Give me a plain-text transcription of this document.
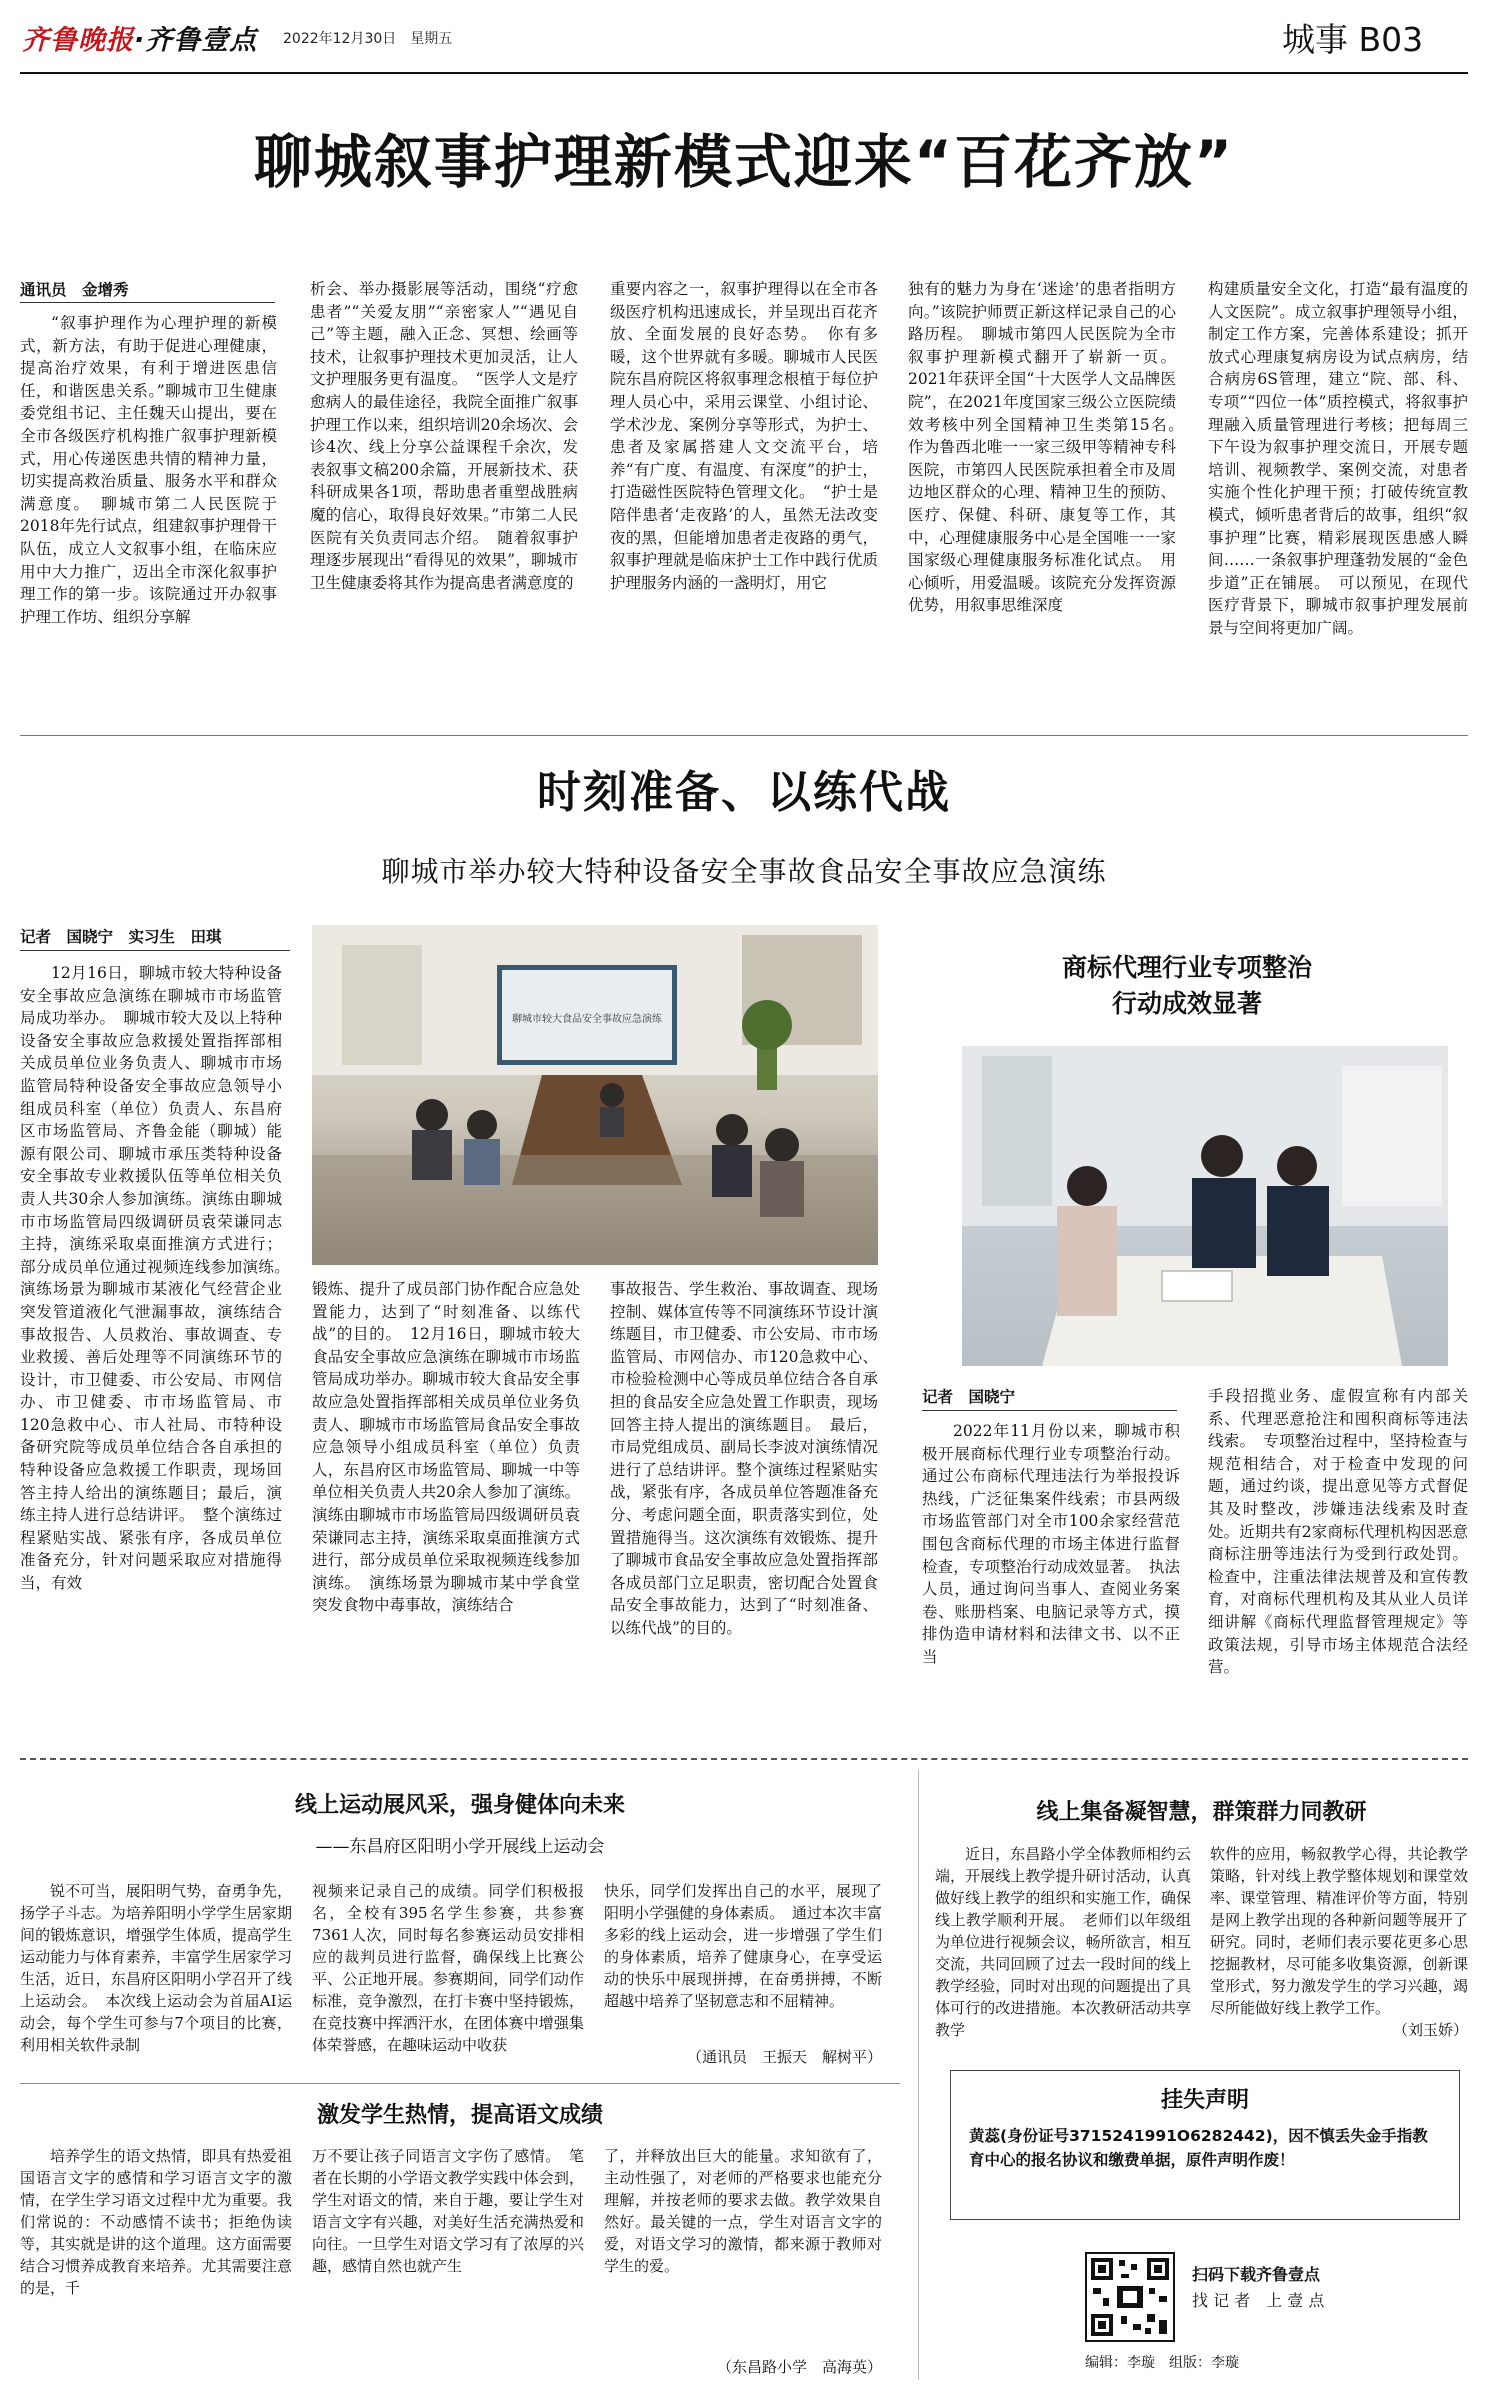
齐鲁晚报·齐鲁壹点 2022年12月30日　星期五	城事 B03
聊城叙事护理新模式迎来“百花齐放”
通讯员　金增秀

“叙事护理作为心理护理的新模式，新方法，有助于促进心理健康，提高治疗效果，有利于增进医患信任，和谐医患关系。”聊城市卫生健康委党组书记、主任魏天山提出，要在全市各级医疗机构推广叙事护理新模式，用心传递医患共情的精神力量，切实提高救治质量、服务水平和群众满意度。　聊城市第二人民医院于2018年先行试点，组建叙事护理骨干队伍，成立人文叙事小组，在临床应用中大力推广，迈出全市深化叙事护理工作的第一步。该院通过开办叙事护理工作坊、组织分享解

析会、举办摄影展等活动，围绕“疗愈患者”“关爱友朋”“亲密家人”“遇见自己”等主题，融入正念、冥想、绘画等技术，让叙事护理技术更加灵活，让人文护理服务更有温度。　“医学人文是疗愈病人的最佳途径，我院全面推广叙事护理工作以来，组织培训20余场次、会诊4次、线上分享公益课程千余次，发表叙事文稿200余篇，开展新技术、获科研成果各1项，帮助患者重塑战胜病魔的信心，取得良好效果。”市第二人民医院有关负责同志介绍。　随着叙事护理逐步展现出“看得见的效果”，聊城市卫生健康委将其作为提高患者满意度的

重要内容之一，叙事护理得以在全市各级医疗机构迅速成长，并呈现出百花齐放、全面发展的良好态势。　你有多暖，这个世界就有多暖。聊城市人民医院东昌府院区将叙事理念根植于每位护理人员心中，采用云课堂、小组讨论、学术沙龙、案例分享等形式，为护士、患者及家属搭建人文交流平台，培养“有广度、有温度、有深度”的护士，打造磁性医院特色管理文化。　“护士是陪伴患者‘走夜路’的人，虽然无法改变夜的黑，但能增加患者走夜路的勇气，叙事护理就是临床护士工作中践行优质护理服务内涵的一盏明灯，用它

独有的魅力为身在‘迷途’的患者指明方向。”该院护师贾正新这样记录自己的心路历程。　聊城市第四人民医院为全市叙事护理新模式翻开了崭新一页。2021年获评全国“十大医学人文品牌医院”，在2021年度国家三级公立医院绩效考核中列全国精神卫生类第15名。　作为鲁西北唯一一家三级甲等精神专科医院，市第四人民医院承担着全市及周边地区群众的心理、精神卫生的预防、医疗、保健、科研、康复等工作，其中，心理健康服务中心是全国唯一一家国家级心理健康服务标准化试点。　用心倾听，用爱温暖。该院充分发挥资源优势，用叙事思维深度

构建质量安全文化，打造“最有温度的人文医院”。成立叙事护理领导小组，制定工作方案，完善体系建设；抓开放式心理康复病房设为试点病房，结合病房6S管理，建立“院、部、科、专项”“四位一体”质控模式，将叙事护理融入质量管理进行考核；把每周三下午设为叙事护理交流日，开展专题培训、视频教学、案例交流，对患者实施个性化护理干预；打破传统宣教模式，倾听患者背后的故事，组织“叙事护理”比赛，精彩展现医患感人瞬间……一条叙事护理蓬勃发展的“金色步道”正在铺展。　可以预见，在现代医疗背景下，聊城市叙事护理发展前景与空间将更加广阔。

时刻准备、以练代战
聊城市举办较大特种设备安全事故食品安全事故应急演练
记者　国晓宁　实习生　田琪

12月16日，聊城市较大特种设备安全事故应急演练在聊城市市场监管局成功举办。　聊城市较大及以上特种设备安全事故应急救援处置指挥部相关成员单位业务负责人、聊城市市场监管局特种设备安全事故应急领导小组成员科室（单位）负责人、东昌府区市场监管局、齐鲁金能（聊城）能源有限公司、聊城市承压类特种设备安全事故专业救援队伍等单位相关负责人共30余人参加演练。演练由聊城市市场监管局四级调研员袁荣谦同志主持，演练采取桌面推演方式进行；部分成员单位通过视频连线参加演练。　演练场景为聊城市某液化气经营企业突发管道液化气泄漏事故，演练结合事故报告、人员救治、事故调查、专业救援、善后处理等不同演练环节的设计，市卫健委、市公安局、市网信办、市卫健委、市市场监管局、市120急救中心、市人社局、市特种设备研究院等成员单位结合各自承担的特种设备应急救援工作职责，现场回答主持人给出的演练题目；最后，演练主持人进行总结讲评。　整个演练过程紧贴实战、紧张有序，各成员单位准备充分，针对问题采取应对措施得当，有效

聊城市较大食品安全事故应急演练

锻炼、提升了成员部门协作配合应急处置能力，达到了“时刻准备、以练代战”的目的。　12月16日，聊城市较大食品安全事故应急演练在聊城市市场监管局成功举办。聊城市较大食品安全事故应急处置指挥部相关成员单位业务负责人、聊城市市场监管局食品安全事故应急领导小组成员科室（单位）负责人，东昌府区市场监管局、聊城一中等单位相关负责人共20余人参加了演练。演练由聊城市市场监管局四级调研员袁荣谦同志主持，演练采取桌面推演方式进行，部分成员单位采取视频连线参加演练。　演练场景为聊城市某中学食堂突发食物中毒事故，演练结合

事故报告、学生救治、事故调查、现场控制、媒体宣传等不同演练环节设计演练题目，市卫健委、市公安局、市市场监管局、市网信办、市120急救中心、市检验检测中心等成员单位结合各自承担的食品安全应急处置工作职责，现场回答主持人提出的演练题目。　最后，市局党组成员、副局长李波对演练情况进行了总结讲评。整个演练过程紧贴实战，紧张有序，各成员单位答题准备充分、考虑问题全面，职责落实到位，处置措施得当。这次演练有效锻炼、提升了聊城市食品安全事故应急处置指挥部各成员部门立足职责，密切配合处置食品安全事故能力，达到了“时刻准备、以练代战”的目的。

商标代理行业专项整治
行动成效显著
记者　国晓宁

2022年11月份以来，聊城市积极开展商标代理行业专项整治行动。通过公布商标代理违法行为举报投诉热线，广泛征集案件线索；市县两级市场监管部门对全市100余家经营范围包含商标代理的市场主体进行监督检查，专项整治行动成效显著。　执法人员，通过询问当事人、查阅业务案卷、账册档案、电脑记录等方式，摸排伪造申请材料和法律文书、以不正当

手段招揽业务、虚假宣称有内部关系、代理恶意抢注和囤积商标等违法线索。　专项整治过程中，坚持检查与规范相结合，对于检查中发现的问题，通过约谈，提出意见等方式督促其及时整改，涉嫌违法线索及时查处。近期共有2家商标代理机构因恶意商标注册等违法行为受到行政处罚。检查中，注重法律法规普及和宣传教育，对商标代理机构及其从业人员详细讲解《商标代理监督管理规定》等政策法规，引导市场主体规范合法经营。

线上运动展风采，强身健体向未来
——东昌府区阳明小学开展线上运动会

锐不可当，展阳明气势，奋勇争先，扬学子斗志。为培养阳明小学学生居家期间的锻炼意识，增强学生体质，提高学生运动能力与体育素养，丰富学生居家学习生活，近日，东昌府区阳明小学召开了线上运动会。　本次线上运动会为首届AI运动会，每个学生可参与7个项目的比赛，利用相关软件录制

视频来记录自己的成绩。同学们积极报名，全校有395名学生参赛，共参赛7361人次，同时每名参赛运动员安排相应的裁判员进行监督，确保线上比赛公平、公正地开展。参赛期间，同学们动作标准，竞争激烈，在打卡赛中坚持锻炼，在竞技赛中挥洒汗水，在团体赛中增强集体荣誉感，在趣味运动中收获

快乐，同学们发挥出自己的水平，展现了阳明小学强健的身体素质。　通过本次丰富多彩的线上运动会，进一步增强了学生们的身体素质，培养了健康身心，在享受运动的快乐中展现拼搏，在奋勇拼搏，不断超越中培养了坚韧意志和不屈精神。

（通讯员　王振天　解树平）
激发学生热情，提高语文成绩

培养学生的语文热情，即具有热爱祖国语言文字的感情和学习语言文字的激情，在学生学习语文过程中尤为重要。我们常说的：不动感情不读书；拒绝伪读等，其实就是讲的这个道理。这方面需要结合习惯养成教育来培养。尤其需要注意的是，千

万不要让孩子同语言文字伤了感情。　笔者在长期的小学语文教学实践中体会到，学生对语文的情，来自于趣，要让学生对语言文字有兴趣，对美好生活充满热爱和向往。一旦学生对语文学习有了浓厚的兴趣，感情自然也就产生

了，并释放出巨大的能量。求知欲有了，主动性强了，对老师的严格要求也能充分理解，并按老师的要求去做。教学效果自然好。最关键的一点，学生对语言文字的爱，对语文学习的激情，都来源于教师对学生的爱。

（东昌路小学　高海英）
线上集备凝智慧，群策群力同教研

近日，东昌路小学全体教师相约云端，开展线上教学提升研讨活动，认真做好线上教学的组织和实施工作，确保线上教学顺利开展。　老师们以年级组为单位进行视频会议，畅所欲言，相互交流，共同回顾了过去一段时间的线上教学经验，同时对出现的问题提出了具体可行的改进措施。本次教研活动共享教学

软件的应用，畅叙教学心得，共论教学策略，针对线上教学整体规划和课堂效率、课堂管理、精准评价等方面，特别是网上教学出现的各种新问题等展开了研究。同时，老师们表示要花更多心思挖掘教材，尽可能多收集资源，创新课堂形式，努力激发学生的学习兴趣，竭尽所能做好线上教学工作。

（刘玉娇）
挂失声明
黄蕊(身份证号3715241991O6282442)，因不慎丢失金手指教育中心的报名协议和缴费单据，原件声明作废！
扫码下载齐鲁壹点
找 记 者　上 壹 点
编辑：李璇　组版：李璇
